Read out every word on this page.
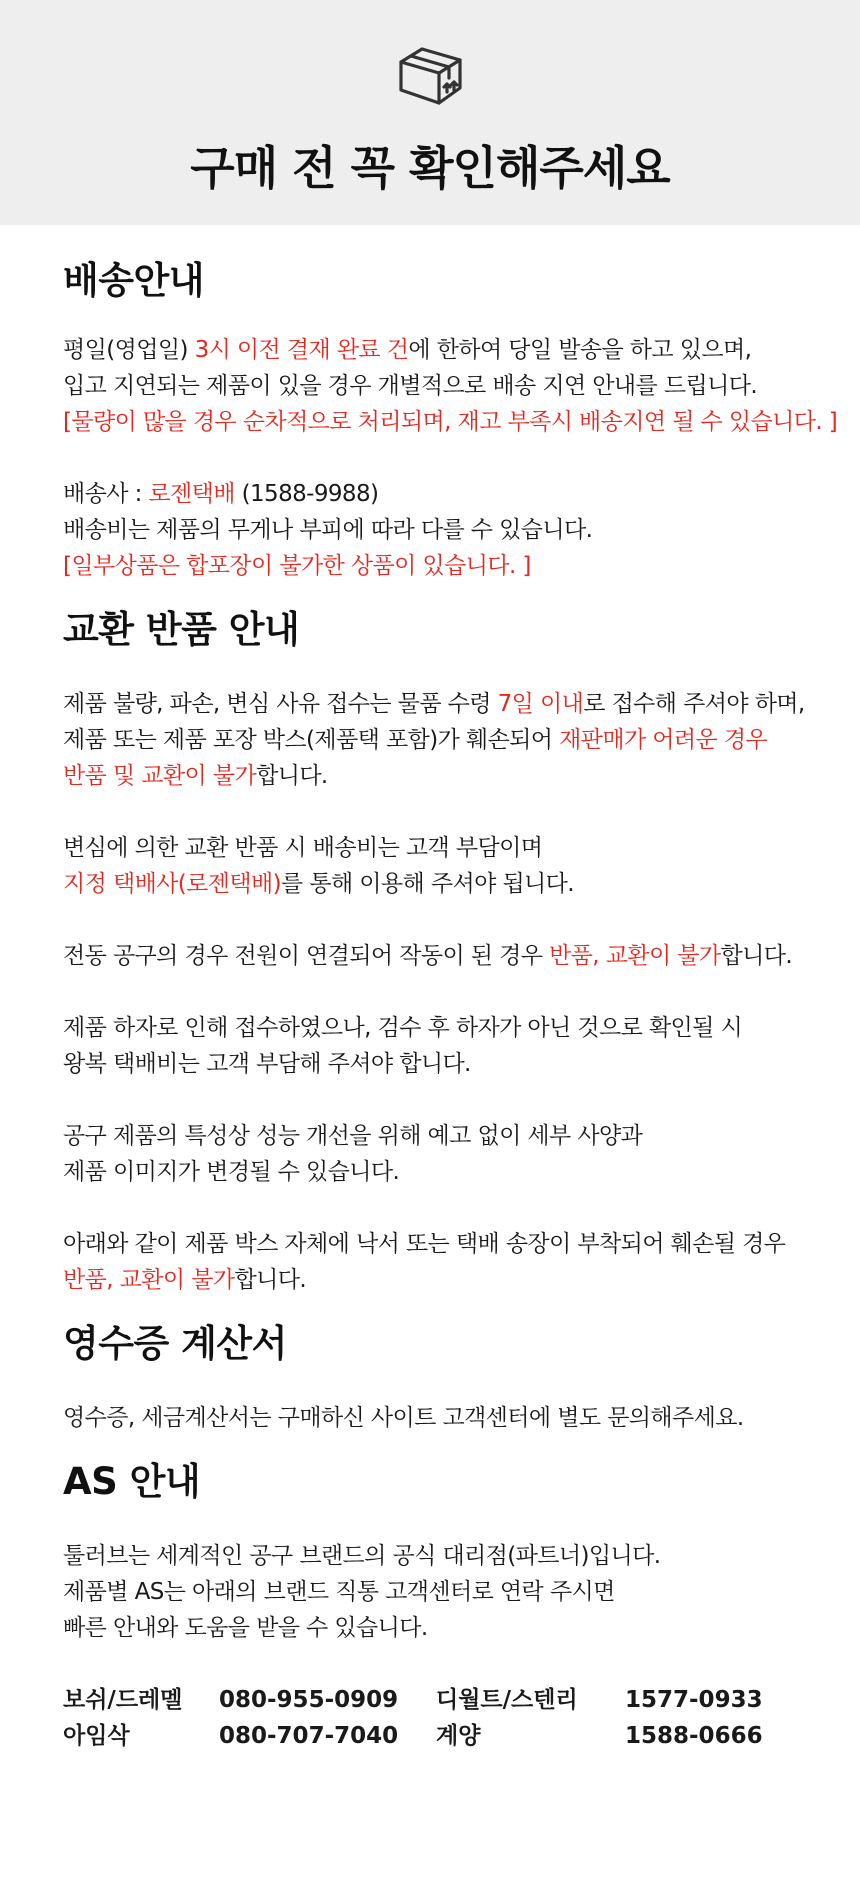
구매 전 꼭 확인해주세요
배송안내

평일(영업일) 3시 이전 결재 완료 건에 한하여 당일 발송을 하고 있으며,

입고 지연되는 제품이 있을 경우 개별적으로 배송 지연 안내를 드립니다.

[물량이 많을 경우 순차적으로 처리되며, 재고 부족시 배송지연 될 수 있습니다. ]

배송사 : 로젠택배 (1588-9988)

배송비는 제품의 무게나 부피에 따라 다를 수 있습니다.

[일부상품은 합포장이 불가한 상품이 있습니다. ]

교환 반품 안내

제품 불량, 파손, 변심 사유 접수는 물품 수령 7일 이내로 접수해 주셔야 하며,

제품 또는 제품 포장 박스(제품택 포함)가 훼손되어 재판매가 어려운 경우

반품 및 교환이 불가합니다.

변심에 의한 교환 반품 시 배송비는 고객 부담이며

지정 택배사(로젠택배)를 통해 이용해 주셔야 됩니다.

전동 공구의 경우 전원이 연결되어 작동이 된 경우 반품, 교환이 불가합니다.

제품 하자로 인해 접수하였으나, 검수 후 하자가 아닌 것으로 확인될 시

왕복 택배비는 고객 부담해 주셔야 합니다.

공구 제품의 특성상 성능 개선을 위해 예고 없이 세부 사양과

제품 이미지가 변경될 수 있습니다.

아래와 같이 제품 박스 자체에 낙서 또는 택배 송장이 부착되어 훼손될 경우

반품, 교환이 불가합니다.

영수증 계산서

영수증, 세금계산서는 구매하신 사이트 고객센터에 별도 문의해주세요.

AS 안내

툴러브는 세계적인 공구 브랜드의 공식 대리점(파트너)입니다.

제품별 AS는 아래의 브랜드 직통 고객센터로 연락 주시면

빠른 안내와 도움을 받을 수 있습니다.

보쉬/드레멜 080-955-0909 디월트/스텐리 1577-0933
아임삭	080-707-7040 계양	1588-0666
